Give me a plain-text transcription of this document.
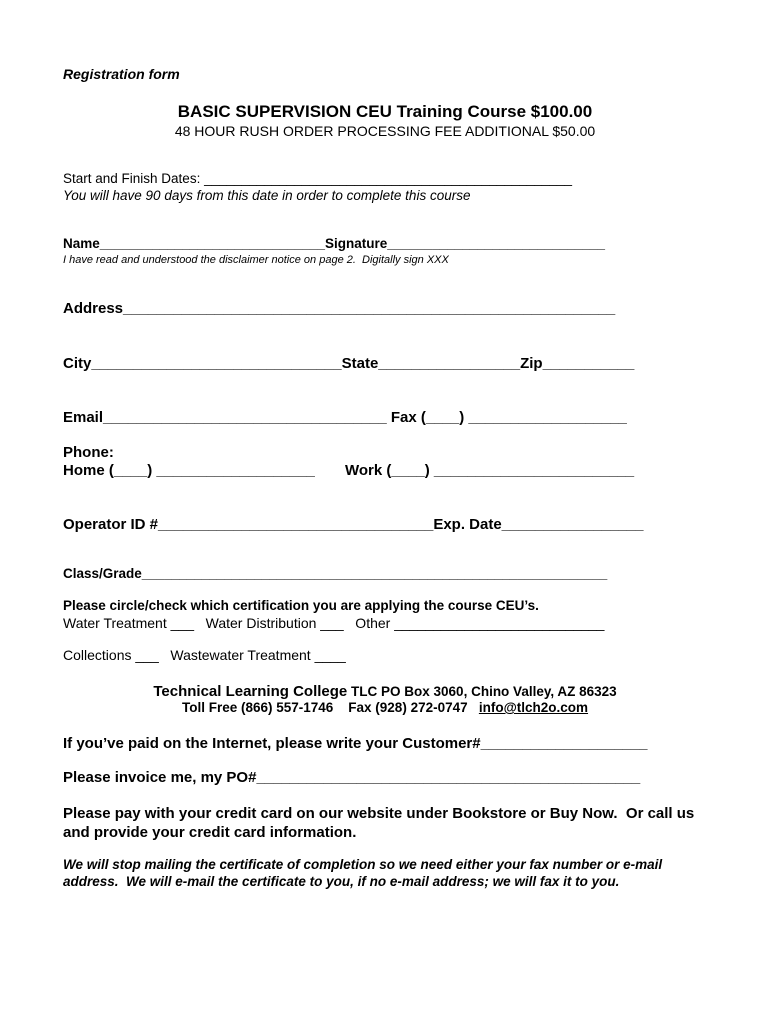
Registration form
BASIC SUPERVISION CEU Training Course $100.00
48 HOUR RUSH ORDER PROCESSING FEE ADDITIONAL $50.00
Start and Finish Dates: _________________________________________________
You will have 90 days from this date in order to complete this course
Name______________________________Signature_____________________________
I have read and understood the disclaimer notice on page 2.  Digitally sign XXX
Address___________________________________________________________
City______________________________State_________________Zip___________
Email__________________________________ Fax (____) ___________________
Phone:
Home (____) ___________________ Work (____) ________________________
Operator ID #_________________________________Exp. Date_________________
Class/Grade______________________________________________________________
Please circle/check which certification you are applying the course CEU’s.
Water Treatment ___   Water Distribution ___   Other ___________________________
Collections ___   Wastewater Treatment ____
Technical Learning College TLC PO Box 3060, Chino Valley, AZ 86323
Toll Free (866) 557-1746    Fax (928) 272-0747   info@tlch2o.com
If you’ve paid on the Internet, please write your Customer#____________________
Please invoice me, my PO#______________________________________________
Please pay with your credit card on our website under Bookstore or Buy Now.  Or call us
and provide your credit card information.
We will stop mailing the certificate of completion so we need either your fax number or e-mail
address.  We will e-mail the certificate to you, if no e-mail address; we will fax it to you.
